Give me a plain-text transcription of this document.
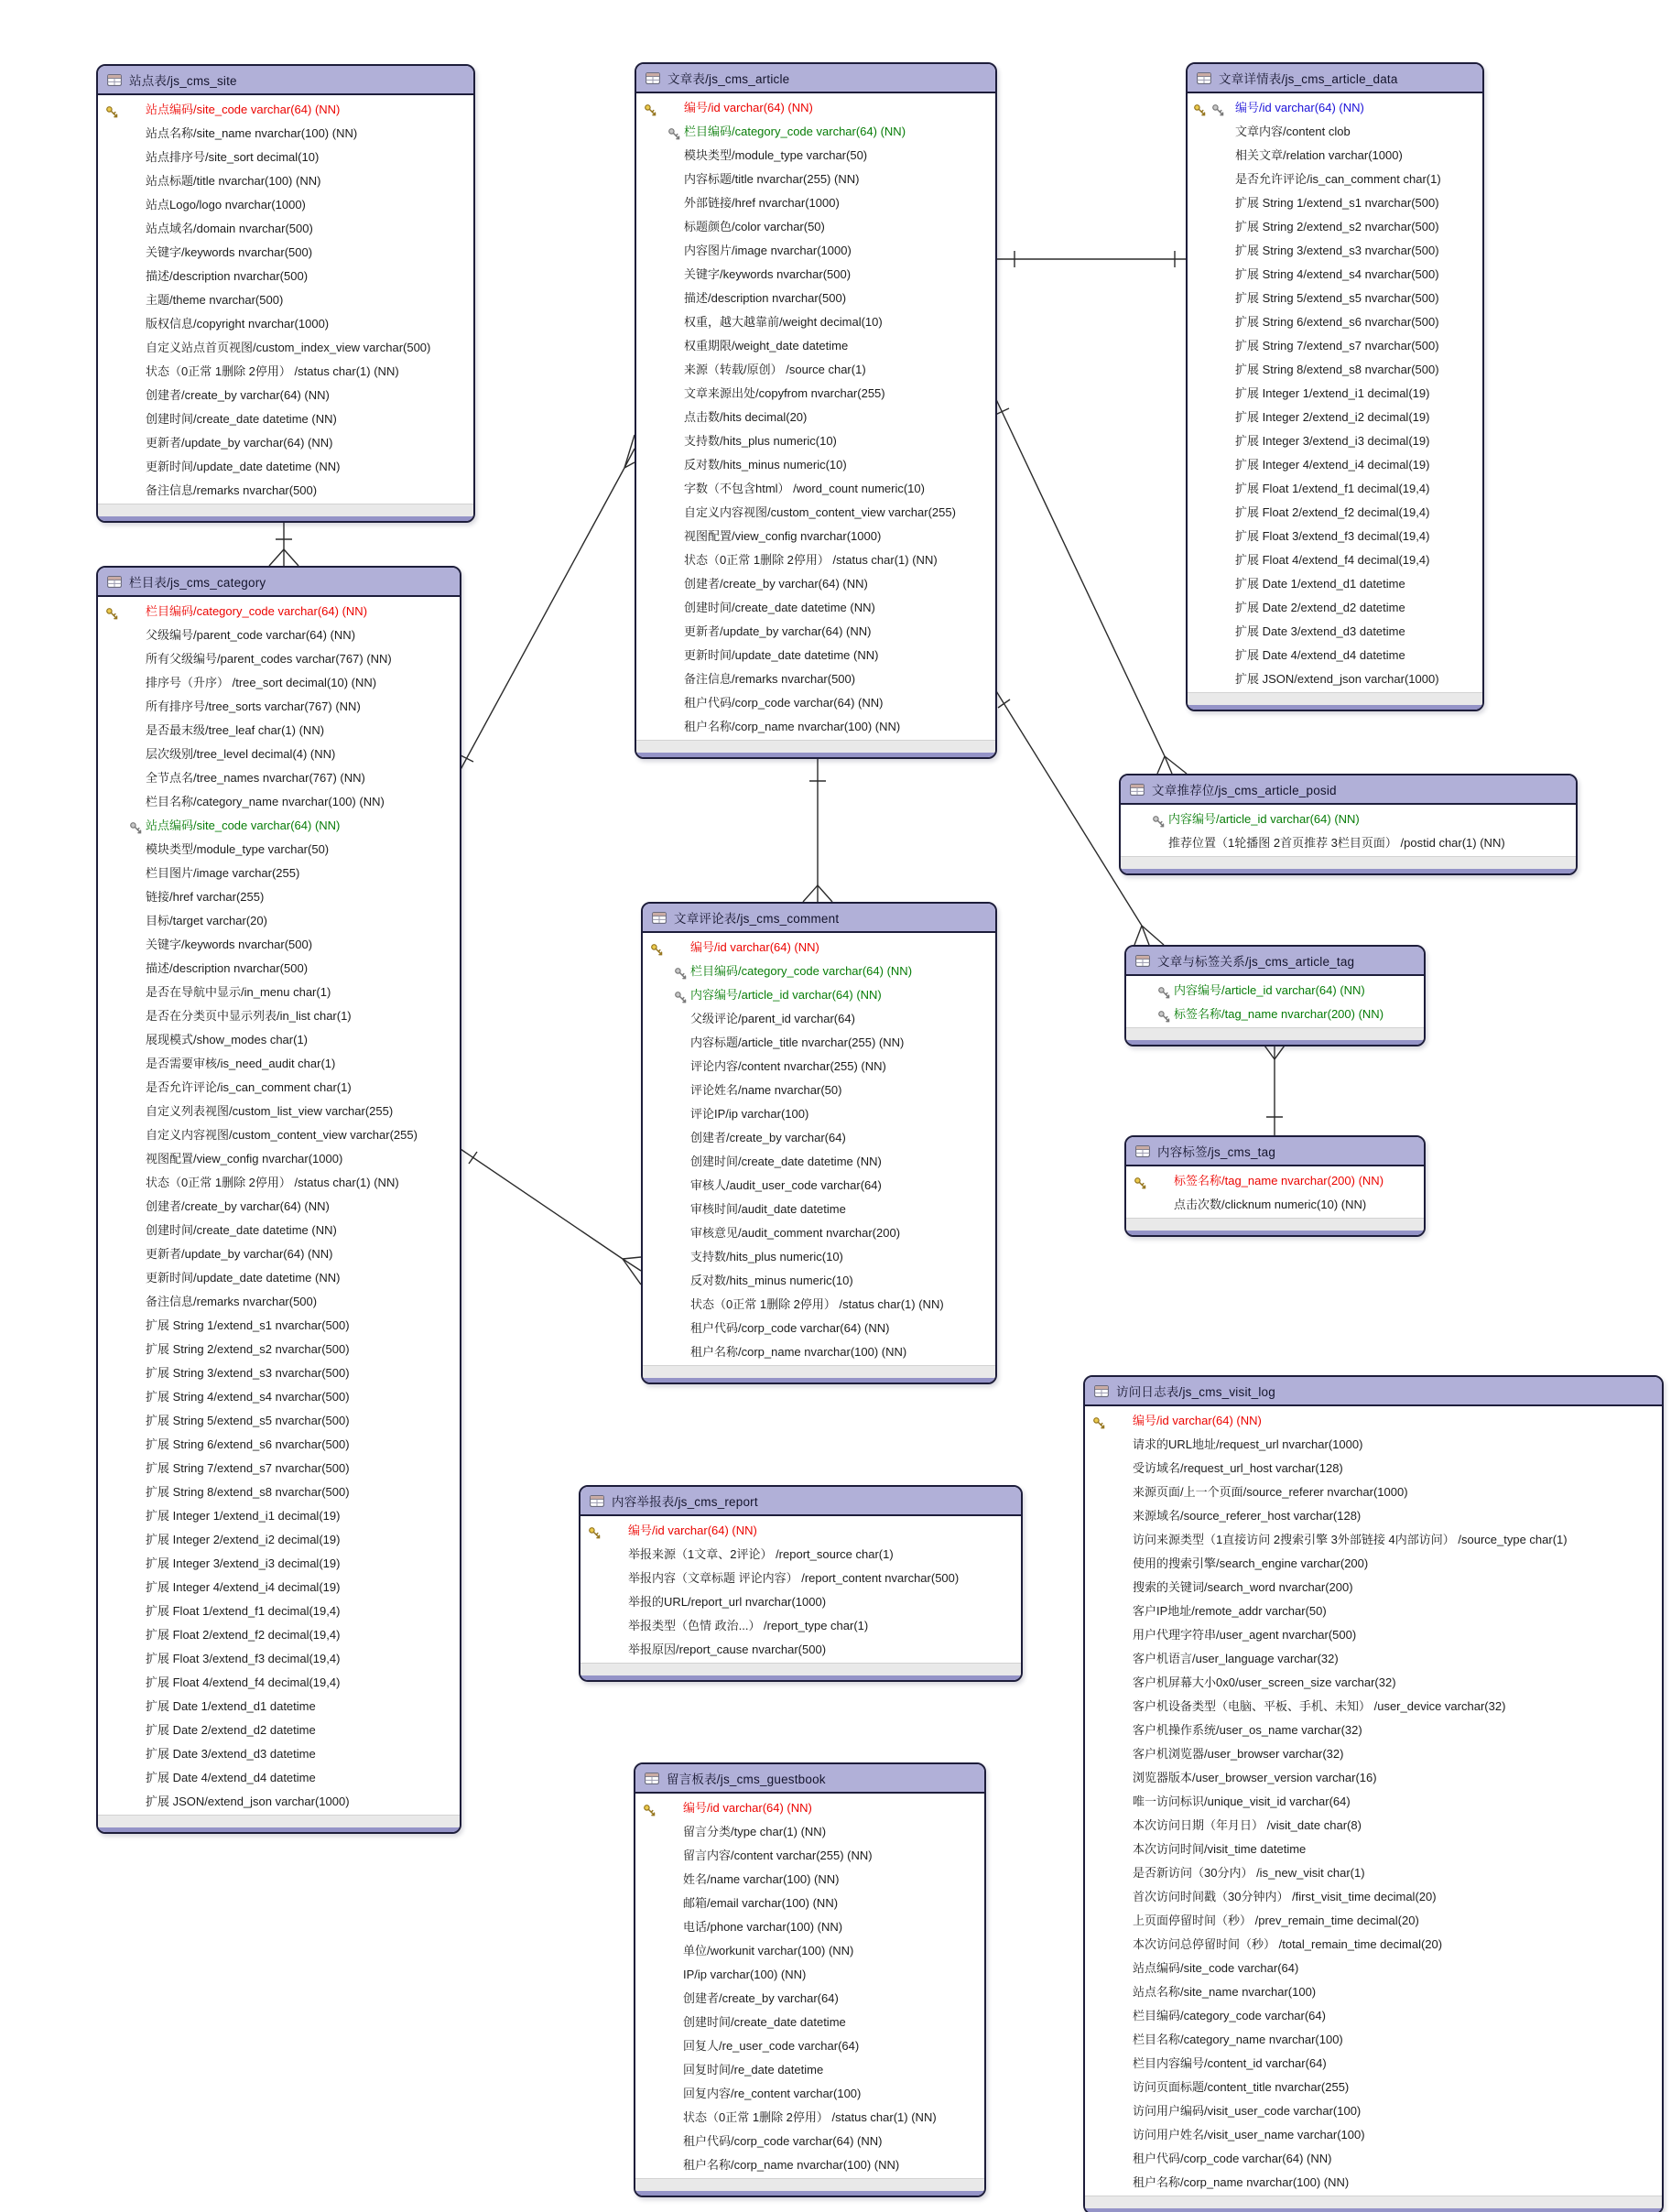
站点表/js_cms_site
站点编码/site_code varchar(64) (NN)
站点名称/site_name nvarchar(100) (NN)
站点排序号/site_sort decimal(10)
站点标题/title nvarchar(100) (NN)
站点Logo/logo nvarchar(1000)
站点域名/domain nvarchar(500)
关键字/keywords nvarchar(500)
描述/description nvarchar(500)
主题/theme nvarchar(500)
版权信息/copyright nvarchar(1000)
自定义站点首页视图/custom_index_view varchar(500)
状态（0正常 1删除 2停用） /status char(1) (NN)
创建者/create_by varchar(64) (NN)
创建时间/create_date datetime (NN)
更新者/update_by varchar(64) (NN)
更新时间/update_date datetime (NN)
备注信息/remarks nvarchar(500)
栏目表/js_cms_category
栏目编码/category_code varchar(64) (NN)
父级编号/parent_code varchar(64) (NN)
所有父级编号/parent_codes varchar(767) (NN)
排序号（升序） /tree_sort decimal(10) (NN)
所有排序号/tree_sorts varchar(767) (NN)
是否最末级/tree_leaf char(1) (NN)
层次级别/tree_level decimal(4) (NN)
全节点名/tree_names nvarchar(767) (NN)
栏目名称/category_name nvarchar(100) (NN)
站点编码/site_code varchar(64) (NN)
模块类型/module_type varchar(50)
栏目图片/image varchar(255)
链接/href varchar(255)
目标/target varchar(20)
关键字/keywords nvarchar(500)
描述/description nvarchar(500)
是否在导航中显示/in_menu char(1)
是否在分类页中显示列表/in_list char(1)
展现模式/show_modes char(1)
是否需要审核/is_need_audit char(1)
是否允许评论/is_can_comment char(1)
自定义列表视图/custom_list_view varchar(255)
自定义内容视图/custom_content_view varchar(255)
视图配置/view_config nvarchar(1000)
状态（0正常 1删除 2停用） /status char(1) (NN)
创建者/create_by varchar(64) (NN)
创建时间/create_date datetime (NN)
更新者/update_by varchar(64) (NN)
更新时间/update_date datetime (NN)
备注信息/remarks nvarchar(500)
扩展 String 1/extend_s1 nvarchar(500)
扩展 String 2/extend_s2 nvarchar(500)
扩展 String 3/extend_s3 nvarchar(500)
扩展 String 4/extend_s4 nvarchar(500)
扩展 String 5/extend_s5 nvarchar(500)
扩展 String 6/extend_s6 nvarchar(500)
扩展 String 7/extend_s7 nvarchar(500)
扩展 String 8/extend_s8 nvarchar(500)
扩展 Integer 1/extend_i1 decimal(19)
扩展 Integer 2/extend_i2 decimal(19)
扩展 Integer 3/extend_i3 decimal(19)
扩展 Integer 4/extend_i4 decimal(19)
扩展 Float 1/extend_f1 decimal(19,4)
扩展 Float 2/extend_f2 decimal(19,4)
扩展 Float 3/extend_f3 decimal(19,4)
扩展 Float 4/extend_f4 decimal(19,4)
扩展 Date 1/extend_d1 datetime
扩展 Date 2/extend_d2 datetime
扩展 Date 3/extend_d3 datetime
扩展 Date 4/extend_d4 datetime
扩展 JSON/extend_json varchar(1000)
文章表/js_cms_article
编号/id varchar(64) (NN)
栏目编码/category_code varchar(64) (NN)
模块类型/module_type varchar(50)
内容标题/title nvarchar(255) (NN)
外部链接/href nvarchar(1000)
标题颜色/color varchar(50)
内容图片/image nvarchar(1000)
关键字/keywords nvarchar(500)
描述/description nvarchar(500)
权重，越大越靠前/weight decimal(10)
权重期限/weight_date datetime
来源（转载/原创） /source char(1)
文章来源出处/copyfrom nvarchar(255)
点击数/hits decimal(20)
支持数/hits_plus numeric(10)
反对数/hits_minus numeric(10)
字数（不包含html） /word_count numeric(10)
自定义内容视图/custom_content_view varchar(255)
视图配置/view_config nvarchar(1000)
状态（0正常 1删除 2停用） /status char(1) (NN)
创建者/create_by varchar(64) (NN)
创建时间/create_date datetime (NN)
更新者/update_by varchar(64) (NN)
更新时间/update_date datetime (NN)
备注信息/remarks nvarchar(500)
租户代码/corp_code varchar(64) (NN)
租户名称/corp_name nvarchar(100) (NN)
文章详情表/js_cms_article_data
编号/id varchar(64) (NN)
文章内容/content clob
相关文章/relation varchar(1000)
是否允许评论/is_can_comment char(1)
扩展 String 1/extend_s1 nvarchar(500)
扩展 String 2/extend_s2 nvarchar(500)
扩展 String 3/extend_s3 nvarchar(500)
扩展 String 4/extend_s4 nvarchar(500)
扩展 String 5/extend_s5 nvarchar(500)
扩展 String 6/extend_s6 nvarchar(500)
扩展 String 7/extend_s7 nvarchar(500)
扩展 String 8/extend_s8 nvarchar(500)
扩展 Integer 1/extend_i1 decimal(19)
扩展 Integer 2/extend_i2 decimal(19)
扩展 Integer 3/extend_i3 decimal(19)
扩展 Integer 4/extend_i4 decimal(19)
扩展 Float 1/extend_f1 decimal(19,4)
扩展 Float 2/extend_f2 decimal(19,4)
扩展 Float 3/extend_f3 decimal(19,4)
扩展 Float 4/extend_f4 decimal(19,4)
扩展 Date 1/extend_d1 datetime
扩展 Date 2/extend_d2 datetime
扩展 Date 3/extend_d3 datetime
扩展 Date 4/extend_d4 datetime
扩展 JSON/extend_json varchar(1000)
文章推荐位/js_cms_article_posid
内容编号/article_id varchar(64) (NN)
推荐位置（1轮播图 2首页推荐 3栏目页面） /postid char(1) (NN)
文章与标签关系/js_cms_article_tag
内容编号/article_id varchar(64) (NN)
标签名称/tag_name nvarchar(200) (NN)
内容标签/js_cms_tag
标签名称/tag_name nvarchar(200) (NN)
点击次数/clicknum numeric(10) (NN)
文章评论表/js_cms_comment
编号/id varchar(64) (NN)
栏目编码/category_code varchar(64) (NN)
内容编号/article_id varchar(64) (NN)
父级评论/parent_id varchar(64)
内容标题/article_title nvarchar(255) (NN)
评论内容/content nvarchar(255) (NN)
评论姓名/name nvarchar(50)
评论IP/ip varchar(100)
创建者/create_by varchar(64)
创建时间/create_date datetime (NN)
审核人/audit_user_code varchar(64)
审核时间/audit_date datetime
审核意见/audit_comment nvarchar(200)
支持数/hits_plus numeric(10)
反对数/hits_minus numeric(10)
状态（0正常 1删除 2停用） /status char(1) (NN)
租户代码/corp_code varchar(64) (NN)
租户名称/corp_name nvarchar(100) (NN)
内容举报表/js_cms_report
编号/id varchar(64) (NN)
举报来源（1文章、2评论） /report_source char(1)
举报内容（文章标题 评论内容） /report_content nvarchar(500)
举报的URL/report_url nvarchar(1000)
举报类型（色情 政治...） /report_type char(1)
举报原因/report_cause nvarchar(500)
留言板表/js_cms_guestbook
编号/id varchar(64) (NN)
留言分类/type char(1) (NN)
留言内容/content varchar(255) (NN)
姓名/name varchar(100) (NN)
邮箱/email varchar(100) (NN)
电话/phone varchar(100) (NN)
单位/workunit varchar(100) (NN)
IP/ip varchar(100) (NN)
创建者/create_by varchar(64)
创建时间/create_date datetime
回复人/re_user_code varchar(64)
回复时间/re_date datetime
回复内容/re_content varchar(100)
状态（0正常 1删除 2停用） /status char(1) (NN)
租户代码/corp_code varchar(64) (NN)
租户名称/corp_name nvarchar(100) (NN)
访问日志表/js_cms_visit_log
编号/id varchar(64) (NN)
请求的URL地址/request_url nvarchar(1000)
受访域名/request_url_host varchar(128)
来源页面/上一个页面/source_referer nvarchar(1000)
来源域名/source_referer_host varchar(128)
访问来源类型（1直接访问 2搜索引擎 3外部链接 4内部访问） /source_type char(1)
使用的搜索引擎/search_engine varchar(200)
搜索的关键词/search_word nvarchar(200)
客户IP地址/remote_addr varchar(50)
用户代理字符串/user_agent nvarchar(500)
客户机语言/user_language varchar(32)
客户机屏幕大小0x0/user_screen_size varchar(32)
客户机设备类型（电脑、平板、手机、未知） /user_device varchar(32)
客户机操作系统/user_os_name varchar(32)
客户机浏览器/user_browser varchar(32)
浏览器版本/user_browser_version varchar(16)
唯一访问标识/unique_visit_id varchar(64)
本次访问日期（年月日） /visit_date char(8)
本次访问时间/visit_time datetime
是否新访问（30分内） /is_new_visit char(1)
首次访问时间戳（30分钟内） /first_visit_time decimal(20)
上页面停留时间（秒） /prev_remain_time decimal(20)
本次访问总停留时间（秒） /total_remain_time decimal(20)
站点编码/site_code varchar(64)
站点名称/site_name nvarchar(100)
栏目编码/category_code varchar(64)
栏目名称/category_name nvarchar(100)
栏目内容编号/content_id varchar(64)
访问页面标题/content_title nvarchar(255)
访问用户编码/visit_user_code varchar(100)
访问用户姓名/visit_user_name varchar(100)
租户代码/corp_code varchar(64) (NN)
租户名称/corp_name nvarchar(100) (NN)
